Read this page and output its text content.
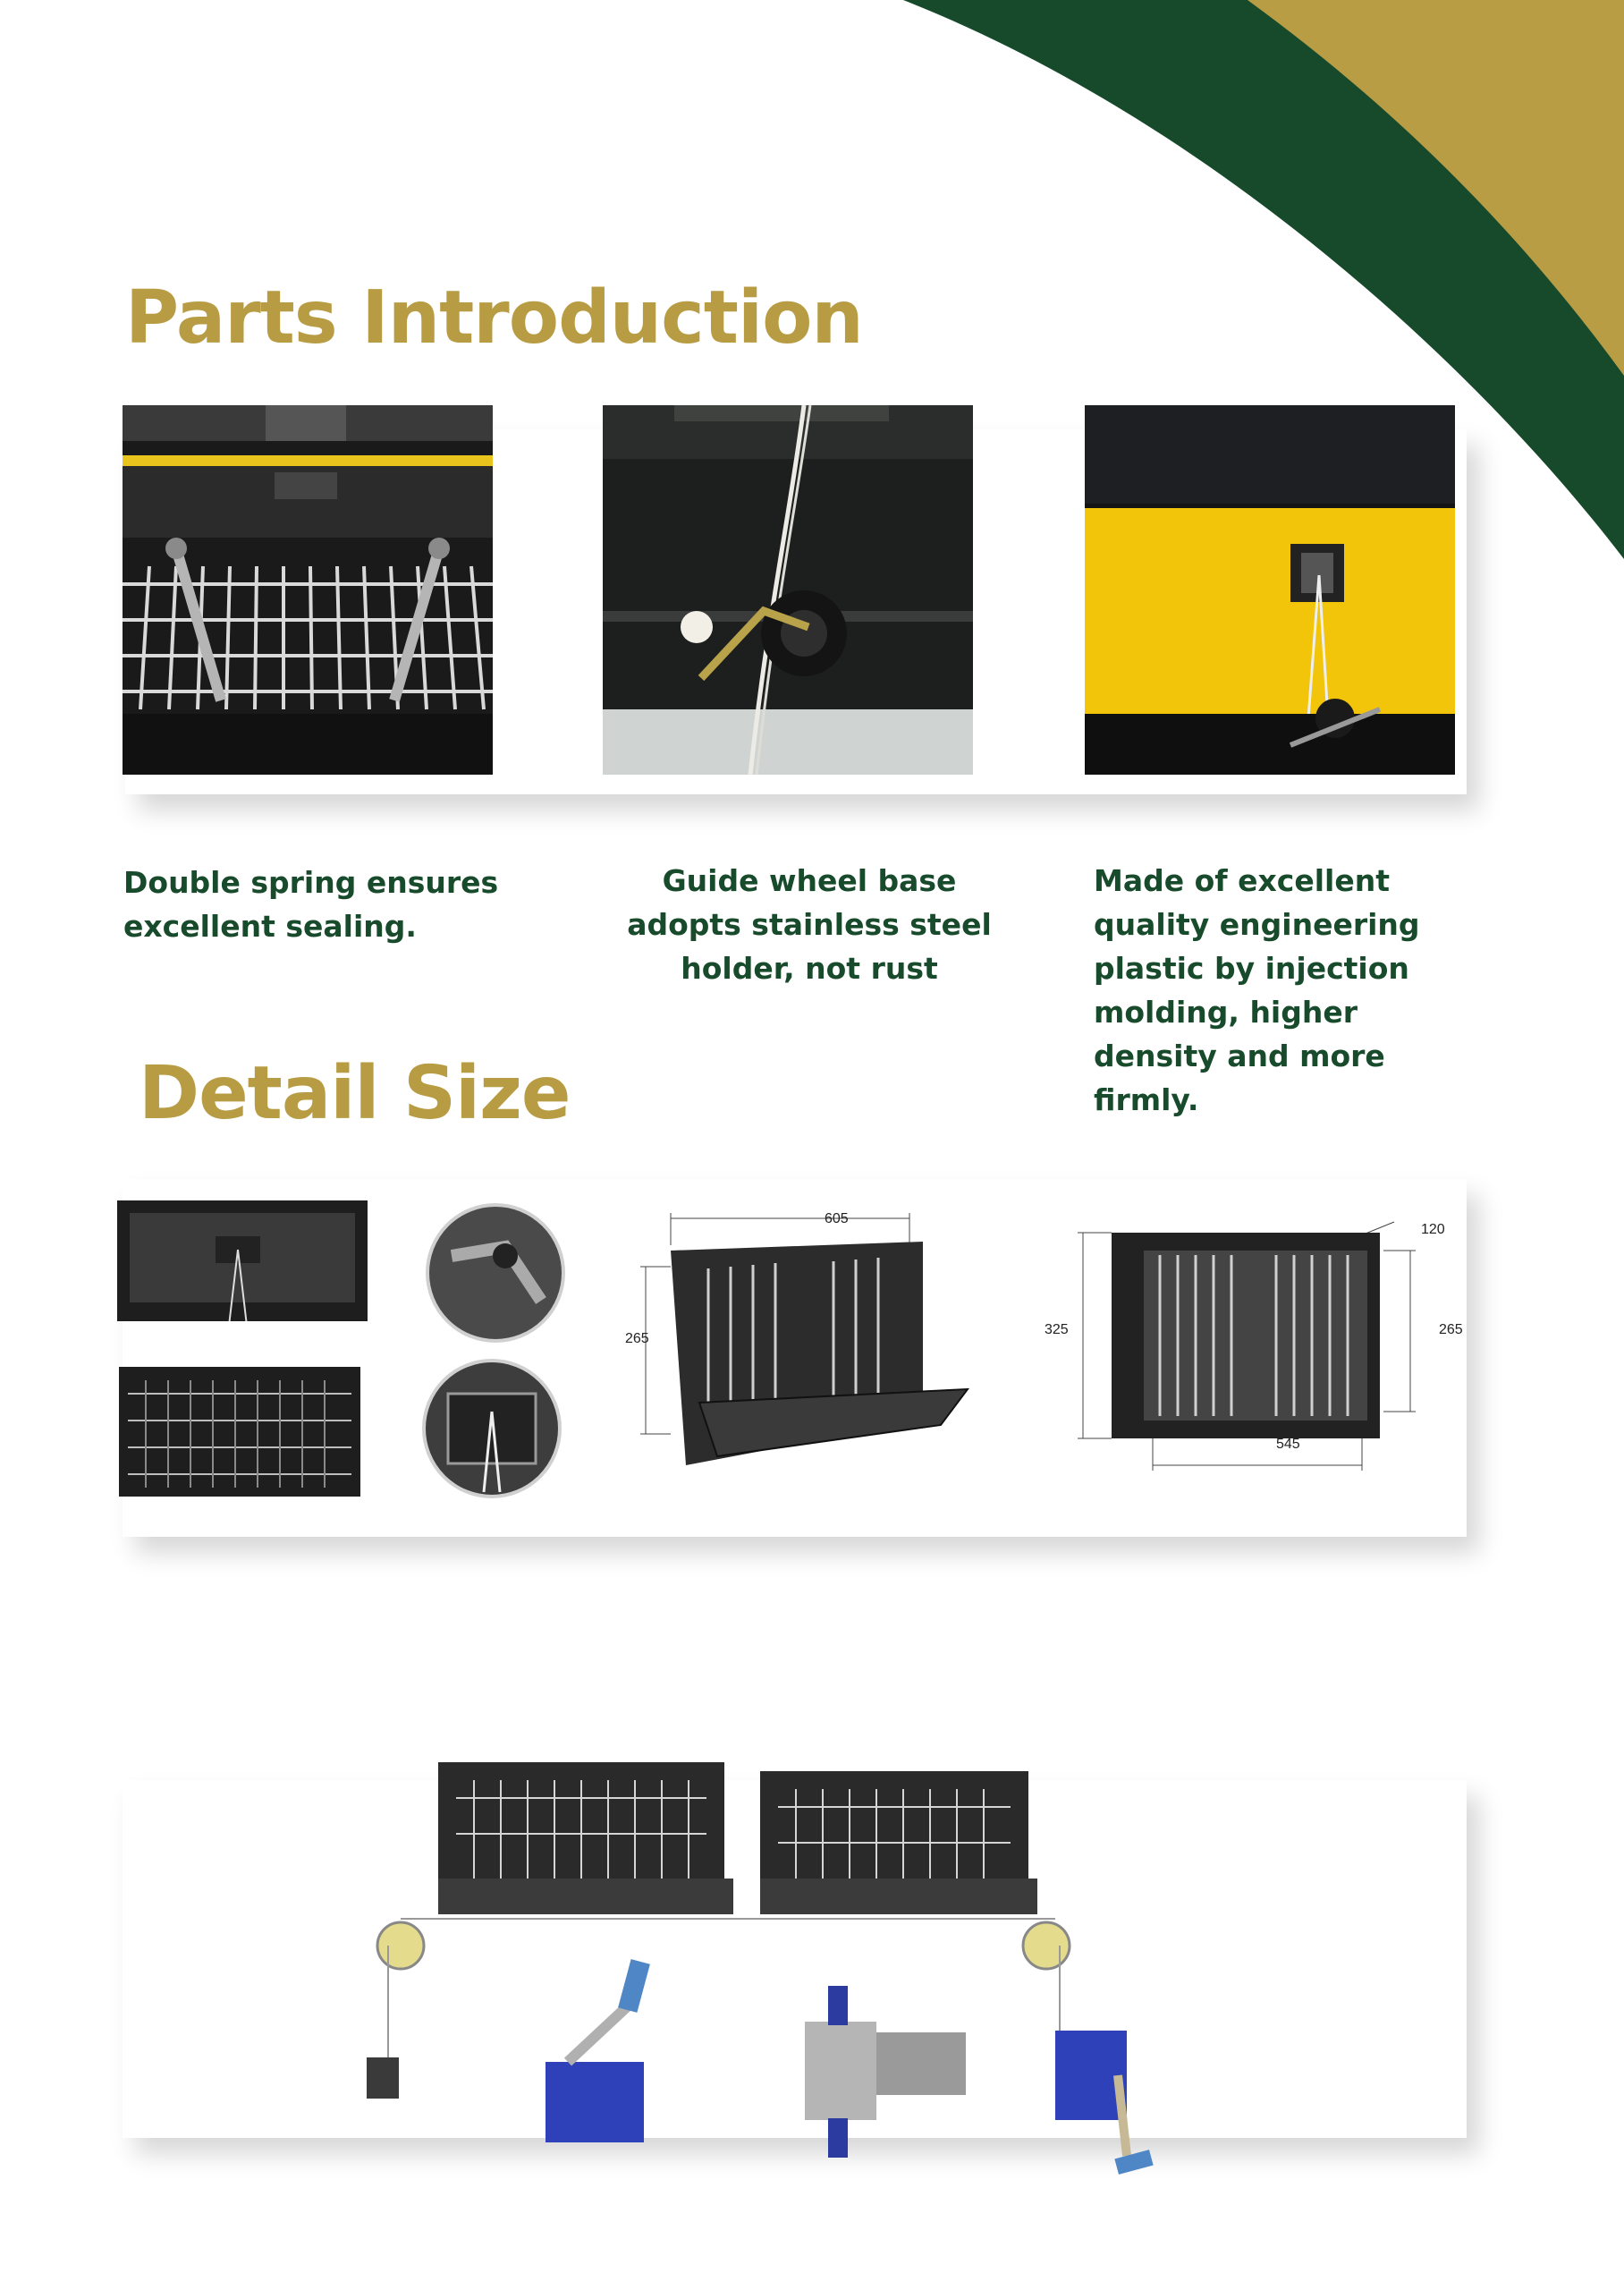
Parts Introduction

Double spring ensures excellent sealing.

Guide wheel base adopts stainless steel holder, not rust

Made of excellent quality engineering plastic by injection molding, higher density and more firmly.

Detail Size
605
265
325
120
265
545
